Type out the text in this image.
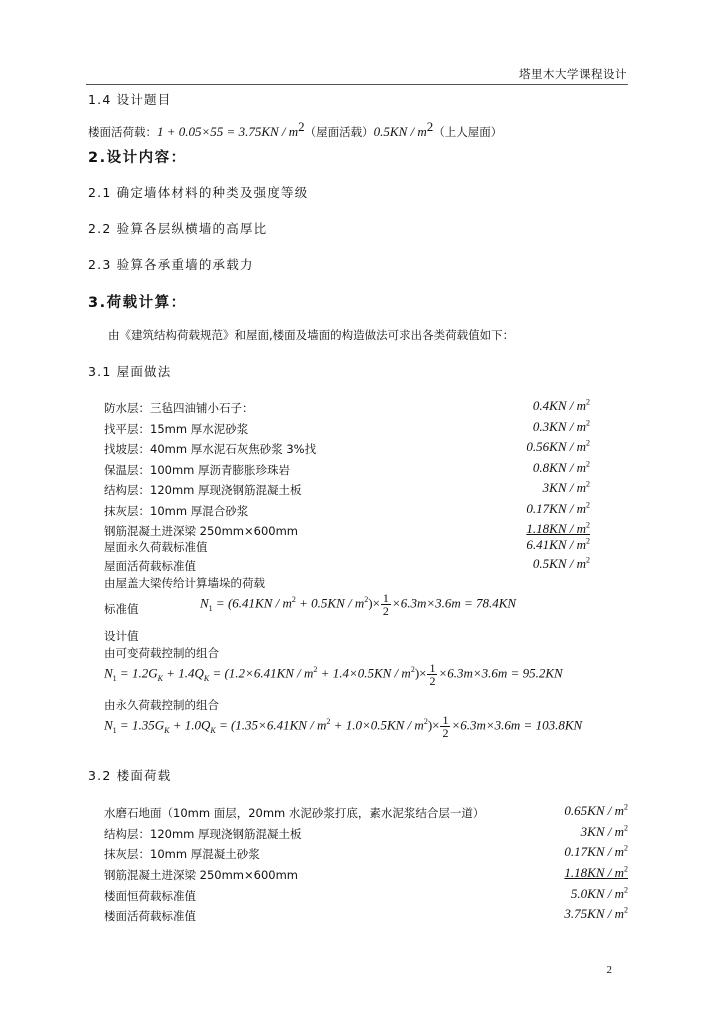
塔里木大学课程设计
1.4 设计题目
楼面活荷载：$1 + 0.05\times 55 = 3.75KN / m^2$（屋面活载）$0.5KN / m^2$（上人屋面）
2.设计内容：
2.1 确定墙体材料的种类及强度等级
2.2 验算各层纵横墙的高厚比
2.3 验算各承重墙的承载力
3.荷载计算：
由《建筑结构荷载规范》和屋面,楼面及墙面的构造做法可求出各类荷载值如下：
3.1 屋面做法
防水层：三毡四油铺小石子：	$0.4KN / m^2$
找平层：15mm 厚水泥砂浆	$0.3KN / m^2$
找坡层：40mm 厚水泥石灰焦砂浆 3%找	$0.56KN / m^2$
保温层：100mm 厚沥青膨胀珍珠岩	$0.8KN / m^2$
结构层：120mm 厚现浇钢筋混凝土板	$3KN / m^2$
抹灰层：10mm 厚混合砂浆	$0.17KN / m^2$
钢筋混凝土进深梁 250mm×600mm	$1.18KN / m^2$
屋面永久荷载标准值	$6.41KN / m^2$
屋面活荷载标准值	$0.5KN / m^2$
由屋盖大梁传给计算墙垛的荷载
标准值	$N_1 = (6.41KN / m^2 + 0.5KN / m^2)\times \frac{1}{2} \times 6.3m\times 3.6m = 78.4KN$
设计值
由可变荷载控制的组合
$N_1 = 1.2G_K + 1.4Q_K = (1.2\times 6.41KN / m^2 + 1.4\times 0.5KN / m^2)\times \frac{1}{2} \times 6.3m\times 3.6m = 95.2KN$
由永久荷载控制的组合
$N_1 = 1.35G_K + 1.0Q_K = (1.35\times 6.41KN / m^2 + 1.0\times 0.5KN / m^2)\times \frac{1}{2} \times 6.3m\times 3.6m = 103.8KN$
3.2 楼面荷载
水磨石地面（10mm 面层，20mm 水泥砂浆打底，素水泥浆结合层一道）	$0.65KN / m^2$
结构层：120mm 厚现浇钢筋混凝土板	$3KN / m^2$
抹灰层：10mm 厚混凝土砂浆	$0.17KN / m^2$
钢筋混凝土进深梁 250mm×600mm	$1.18KN / m^2$
楼面恒荷载标准值	$5.0KN / m^2$
楼面活荷载标准值	$3.75KN / m^2$
2
